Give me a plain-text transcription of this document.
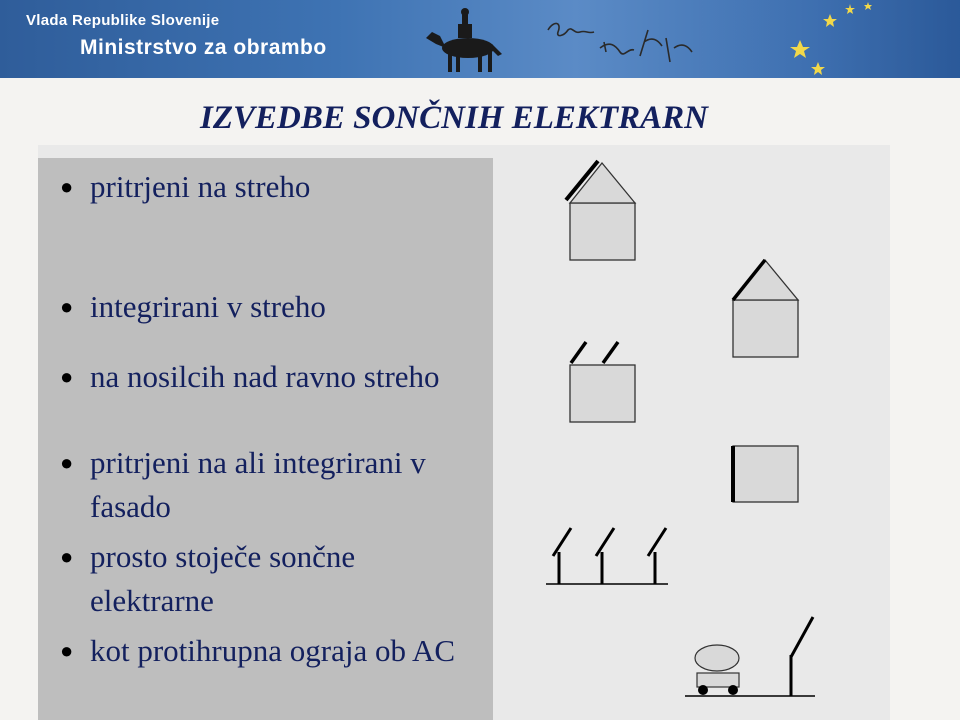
Vlada Republike Slovenije
Ministrstvo za obrambo
IZVEDBE SONČNIH ELEKTRARN
● pritrjeni na streho
● integrirani v streho
● na nosilcih nad ravno streho
● pritrjeni na ali integrirani v fasado
● prosto stoječe sončne elektrarne
● kot protihrupna ograja ob AC
